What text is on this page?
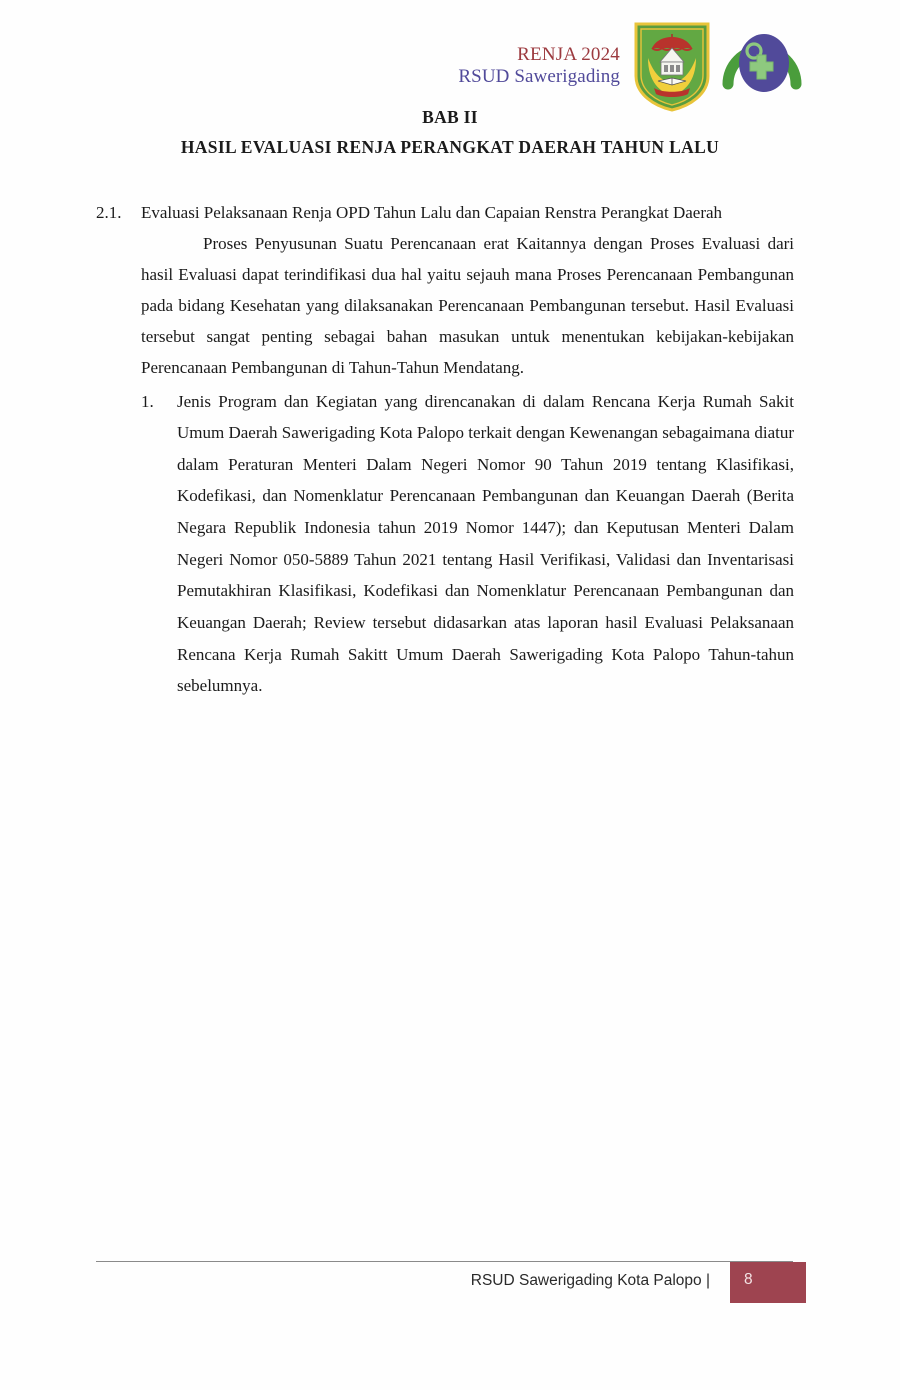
RENJA 2024
RSUD Sawerigading
BAB II
HASIL EVALUASI RENJA PERANGKAT DAERAH TAHUN LALU
2.1.	Evaluasi Pelaksanaan Renja OPD Tahun Lalu dan Capaian Renstra Perangkat Daerah
Proses Penyusunan Suatu Perencanaan erat Kaitannya dengan Proses Evaluasi dari hasil Evaluasi dapat terindifikasi dua hal yaitu sejauh mana Proses Perencanaan Pembangunan pada bidang Kesehatan yang dilaksanakan Perencanaan Pembangunan tersebut. Hasil Evaluasi tersebut sangat penting sebagai bahan masukan untuk menentukan kebijakan-kebijakan Perencanaan Pembangunan di Tahun-Tahun Mendatang.
1.	Jenis Program dan Kegiatan yang direncanakan di dalam Rencana Kerja Rumah Sakit Umum Daerah Sawerigading Kota Palopo terkait dengan Kewenangan sebagaimana diatur dalam Peraturan Menteri Dalam Negeri Nomor 90 Tahun 2019 tentang Klasifikasi, Kodefikasi, dan Nomenklatur Perencanaan Pembangunan dan Keuangan Daerah (Berita Negara Republik Indonesia tahun 2019 Nomor 1447); dan Keputusan Menteri Dalam Negeri Nomor 050-5889 Tahun 2021 tentang Hasil Verifikasi, Validasi dan Inventarisasi Pemutakhiran Klasifikasi, Kodefikasi dan Nomenklatur Perencanaan Pembangunan dan Keuangan Daerah; Review tersebut didasarkan atas laporan hasil Evaluasi Pelaksanaan Rencana Kerja Rumah Sakitt Umum Daerah Sawerigading Kota Palopo Tahun-tahun sebelumnya.
RSUD Sawerigading Kota Palopo | 8
